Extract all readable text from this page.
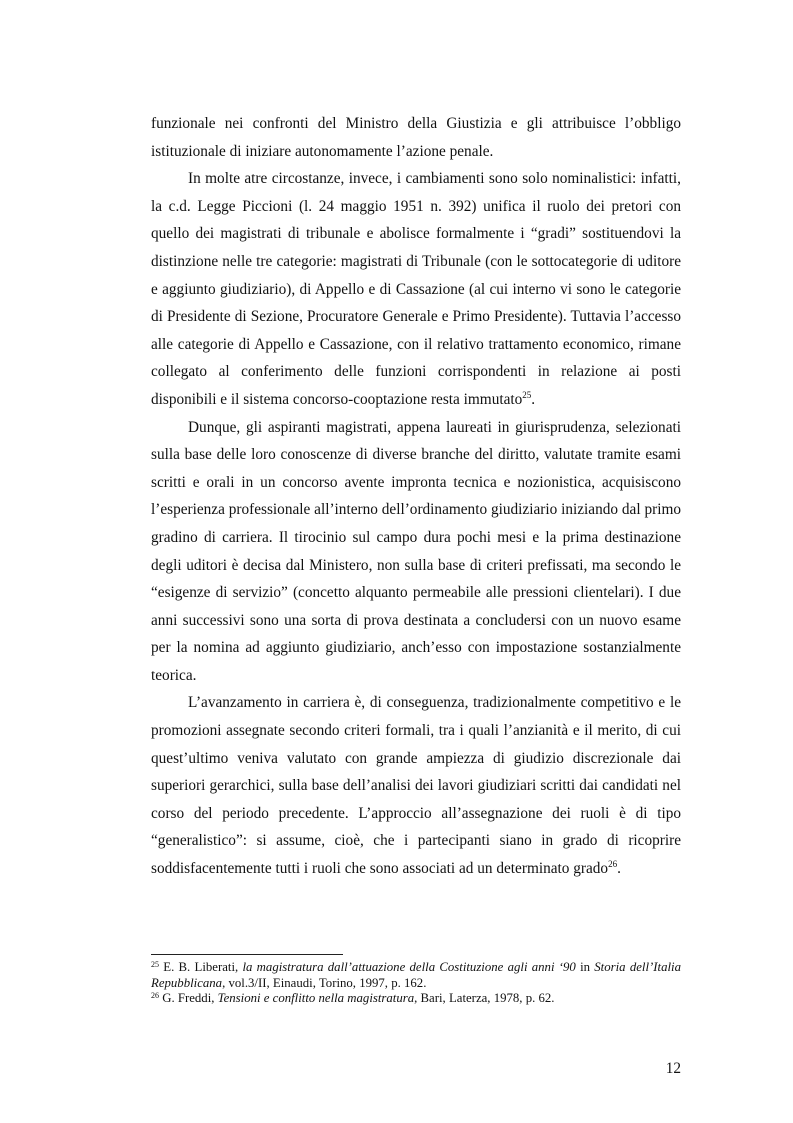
funzionale nei confronti del Ministro della Giustizia e gli attribuisce l’obbligo istituzionale di iniziare autonomamente l’azione penale.

In molte atre circostanze, invece, i cambiamenti sono solo nominalistici: infatti, la c.d. Legge Piccioni (l. 24 maggio 1951 n. 392) unifica il ruolo dei pretori con quello dei magistrati di tribunale e abolisce formalmente i “gradi” sostituendovi la distinzione nelle tre categorie: magistrati di Tribunale (con le sottocategorie di uditore e aggiunto giudiziario), di Appello e di Cassazione (al cui interno vi sono le categorie di Presidente di Sezione, Procuratore Generale e Primo Presidente). Tuttavia l’accesso alle categorie di Appello e Cassazione, con il relativo trattamento economico, rimane collegato al conferimento delle funzioni corrispondenti in relazione ai posti disponibili e il sistema concorso-cooptazione resta immutato$^{25}$.

Dunque, gli aspiranti magistrati, appena laureati in giurisprudenza, selezionati sulla base delle loro conoscenze di diverse branche del diritto, valutate tramite esami scritti e orali in un concorso avente impronta tecnica e nozionistica, acquisiscono l’esperienza professionale all’interno dell’ordinamento giudiziario iniziando dal primo gradino di carriera. Il tirocinio sul campo dura pochi mesi e la prima destinazione degli uditori è decisa dal Ministero, non sulla base di criteri prefissati, ma secondo le “esigenze di servizio” (concetto alquanto permeabile alle pressioni clientelari). I due anni successivi sono una sorta di prova destinata a concludersi con un nuovo esame per la nomina ad aggiunto giudiziario, anch’esso con impostazione sostanzialmente teorica.

L’avanzamento in carriera è, di conseguenza, tradizionalmente competitivo e le promozioni assegnate secondo criteri formali, tra i quali l’anzianità e il merito, di cui quest’ultimo veniva valutato con grande ampiezza di giudizio discrezionale dai superiori gerarchici, sulla base dell’analisi dei lavori giudiziari scritti dai candidati nel corso del periodo precedente. L’approccio all’assegnazione dei ruoli è di tipo “generalistico”: si assume, cioè, che i partecipanti siano in grado di ricoprire soddisfacentemente tutti i ruoli che sono associati ad un determinato grado$^{26}$.

$^{25}$ E. B. Liberati, la magistratura dall’attuazione della Costituzione agli anni ‘90 in Storia dell’Italia Repubblicana, vol.3/II, Einaudi, Torino, 1997, p. 162.

$^{26}$ G. Freddi, Tensioni e conflitto nella magistratura, Bari, Laterza, 1978, p. 62.

12
